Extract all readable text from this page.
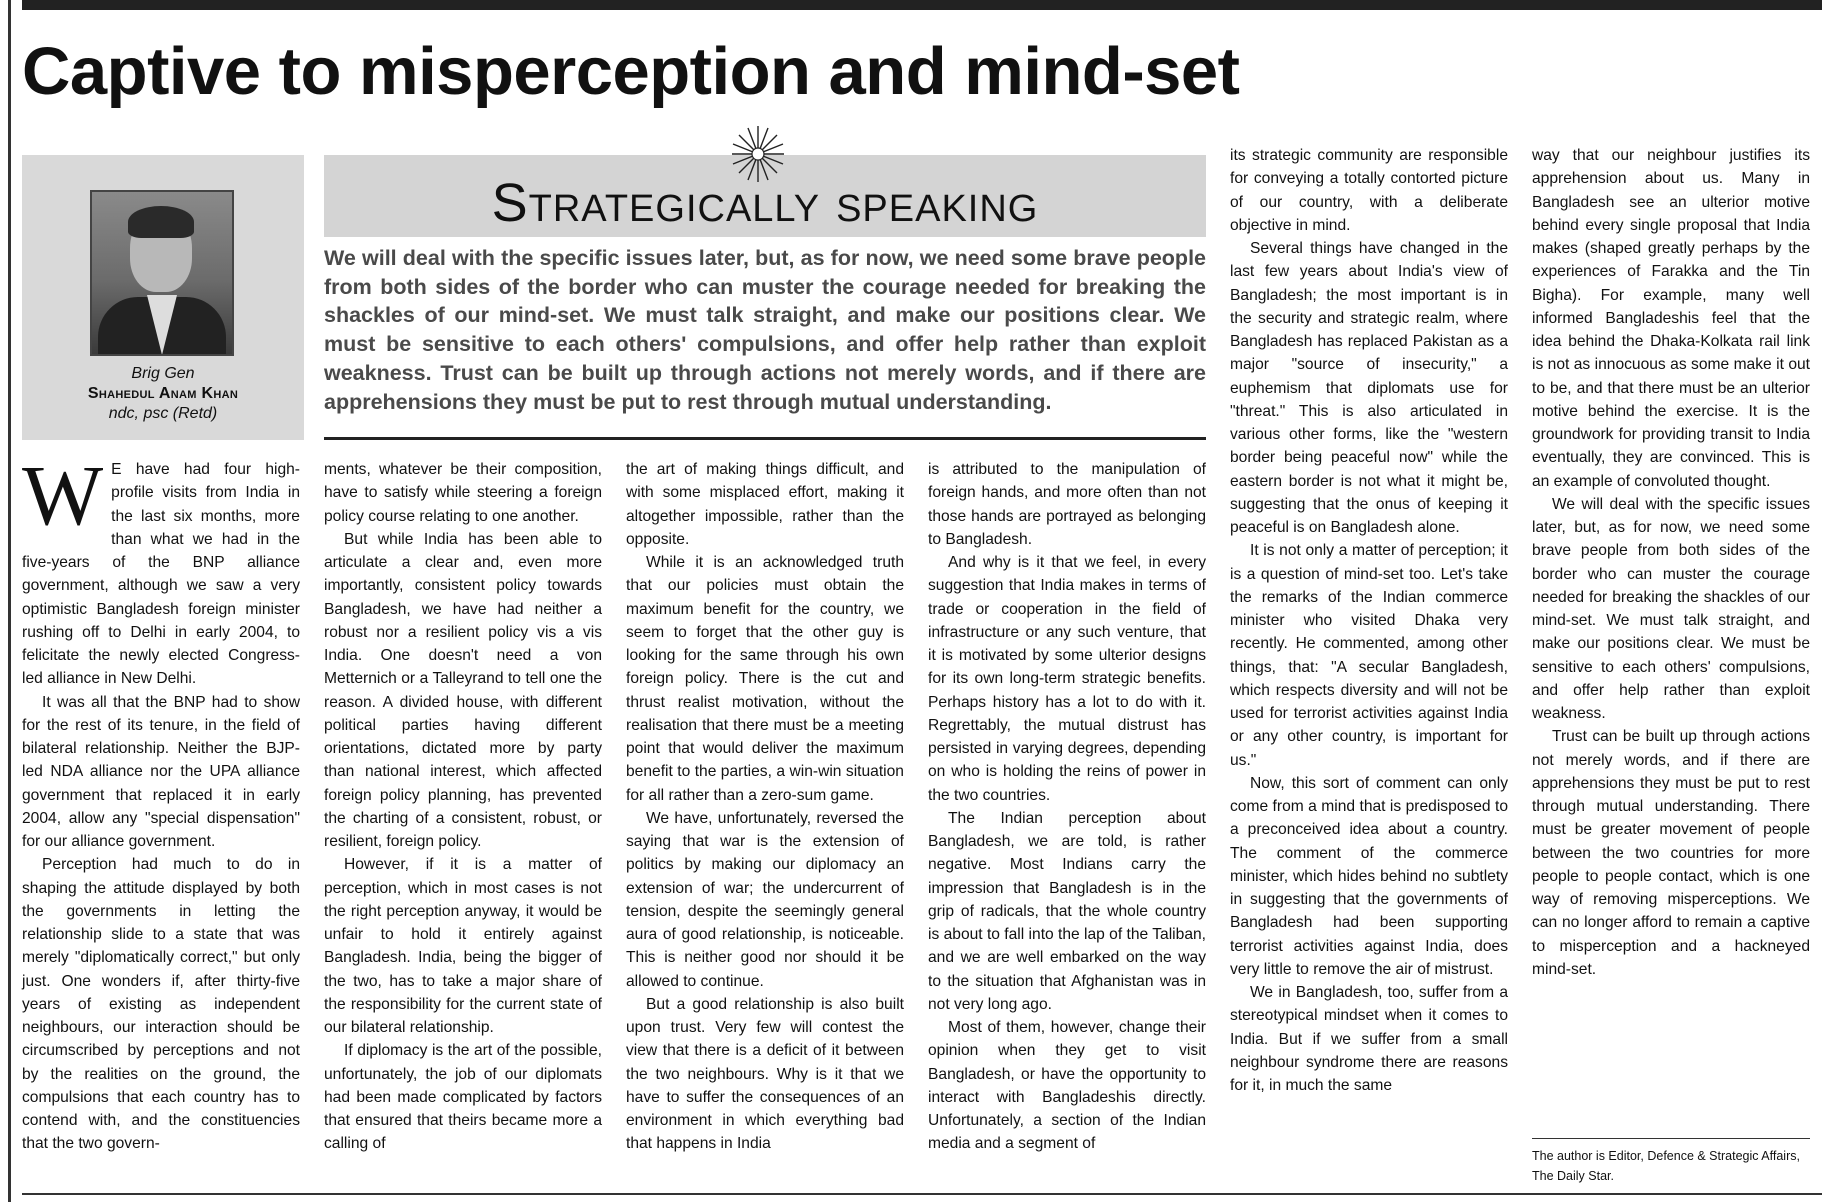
Captive to misperception and mind-set
Brig Gen
Shahedul Anam Khan
ndc, psc (Retd)
Strategically speaking

We will deal with the specific issues later, but, as for now, we need some brave people from both sides of the border who can muster the courage needed for breaking the shackles of our mind-set. We must talk straight, and make our positions clear. We must be sensitive to each others' compulsions, and offer help rather than exploit weakness. Trust can be built up through actions not merely words, and if there are apprehensions they must be put to rest through mutual understanding.

W E have had four high-profile visits from India in the last six months, more than what we had in the five-years of the BNP alliance government, although we saw a very optimistic Bangladesh foreign minister rushing off to Delhi in early 2004, to felicitate the newly elected Congress-led alliance in New Delhi.

It was all that the BNP had to show for the rest of its tenure, in the field of bilateral relationship. Neither the BJP-led NDA alliance nor the UPA alliance government that replaced it in early 2004, allow any "special dispensation" for our alliance government.

Perception had much to do in shaping the attitude displayed by both the governments in letting the relationship slide to a state that was merely "diplomatically correct," but only just. One wonders if, after thirty-five years of existing as independent neighbours, our interaction should be circumscribed by perceptions and not by the realities on the ground, the compulsions that each country has to contend with, and the constituencies that the two govern-

ments, whatever be their composition, have to satisfy while steering a foreign policy course relating to one another.

But while India has been able to articulate a clear and, even more importantly, consistent policy towards Bangladesh, we have had neither a robust nor a resilient policy vis a vis India. One doesn't need a von Metternich or a Talleyrand to tell one the reason. A divided house, with different political parties having different orientations, dictated more by party than national interest, which affected foreign policy planning, has prevented the charting of a consistent, robust, or resilient, foreign policy.

However, if it is a matter of perception, which in most cases is not the right perception anyway, it would be unfair to hold it entirely against Bangladesh. India, being the bigger of the two, has to take a major share of the responsibility for the current state of our bilateral relationship.

If diplomacy is the art of the possible, unfortunately, the job of our diplomats had been made complicated by factors that ensured that theirs became more a calling of

the art of making things difficult, and with some misplaced effort, making it altogether impossible, rather than the opposite.

While it is an acknowledged truth that our policies must obtain the maximum benefit for the country, we seem to forget that the other guy is looking for the same through his own foreign policy. There is the cut and thrust realist motivation, without the realisation that there must be a meeting point that would deliver the maximum benefit to the parties, a win-win situation for all rather than a zero-sum game.

We have, unfortunately, reversed the saying that war is the extension of politics by making our diplomacy an extension of war; the undercurrent of tension, despite the seemingly general aura of good relationship, is noticeable. This is neither good nor should it be allowed to continue.

But a good relationship is also built upon trust. Very few will contest the view that there is a deficit of it between the two neighbours. Why is it that we have to suffer the consequences of an environment in which everything bad that happens in India

is attributed to the manipulation of foreign hands, and more often than not those hands are portrayed as belonging to Bangladesh.

And why is it that we feel, in every suggestion that India makes in terms of trade or cooperation in the field of infrastructure or any such venture, that it is motivated by some ulterior designs for its own long-term strategic benefits. Perhaps history has a lot to do with it. Regrettably, the mutual distrust has persisted in varying degrees, depending on who is holding the reins of power in the two countries.

The Indian perception about Bangladesh, we are told, is rather negative. Most Indians carry the impression that Bangladesh is in the grip of radicals, that the whole country is about to fall into the lap of the Taliban, and we are well embarked on the way to the situation that Afghanistan was in not very long ago.

Most of them, however, change their opinion when they get to visit Bangladesh, or have the opportunity to interact with Bangladeshis directly. Unfortunately, a section of the Indian media and a segment of

its strategic community are responsible for conveying a totally contorted picture of our country, with a deliberate objective in mind.

Several things have changed in the last few years about India's view of Bangladesh; the most important is in the security and strategic realm, where Bangladesh has replaced Pakistan as a major "source of insecurity," a euphemism that diplomats use for "threat." This is also articulated in various other forms, like the "western border being peaceful now" while the eastern border is not what it might be, suggesting that the onus of keeping it peaceful is on Bangladesh alone.

It is not only a matter of perception; it is a question of mind-set too. Let's take the remarks of the Indian commerce minister who visited Dhaka very recently. He commented, among other things, that: "A secular Bangladesh, which respects diversity and will not be used for terrorist activities against India or any other country, is important for us."

Now, this sort of comment can only come from a mind that is predisposed to a preconceived idea about a country. The comment of the commerce minister, which hides behind no subtlety in suggesting that the governments of Bangladesh had been supporting terrorist activities against India, does very little to remove the air of mistrust.

We in Bangladesh, too, suffer from a stereotypical mindset when it comes to India. But if we suffer from a small neighbour syndrome there are reasons for it, in much the same

way that our neighbour justifies its apprehension about us. Many in Bangladesh see an ulterior motive behind every single proposal that India makes (shaped greatly perhaps by the experiences of Farakka and the Tin Bigha). For example, many well informed Bangladeshis feel that the idea behind the Dhaka-Kolkata rail link is not as innocuous as some make it out to be, and that there must be an ulterior motive behind the exercise. It is the groundwork for providing transit to India eventually, they are convinced. This is an example of convoluted thought.

We will deal with the specific issues later, but, as for now, we need some brave people from both sides of the border who can muster the courage needed for breaking the shackles of our mind-set. We must talk straight, and make our positions clear. We must be sensitive to each others' compulsions, and offer help rather than exploit weakness.

Trust can be built up through actions not merely words, and if there are apprehensions they must be put to rest through mutual understanding. There must be greater movement of people between the two countries for more people to people contact, which is one way of removing misperceptions. We can no longer afford to remain a captive to misperception and a hackneyed mind-set.

The author is Editor, Defence & Strategic Affairs, The Daily Star.
